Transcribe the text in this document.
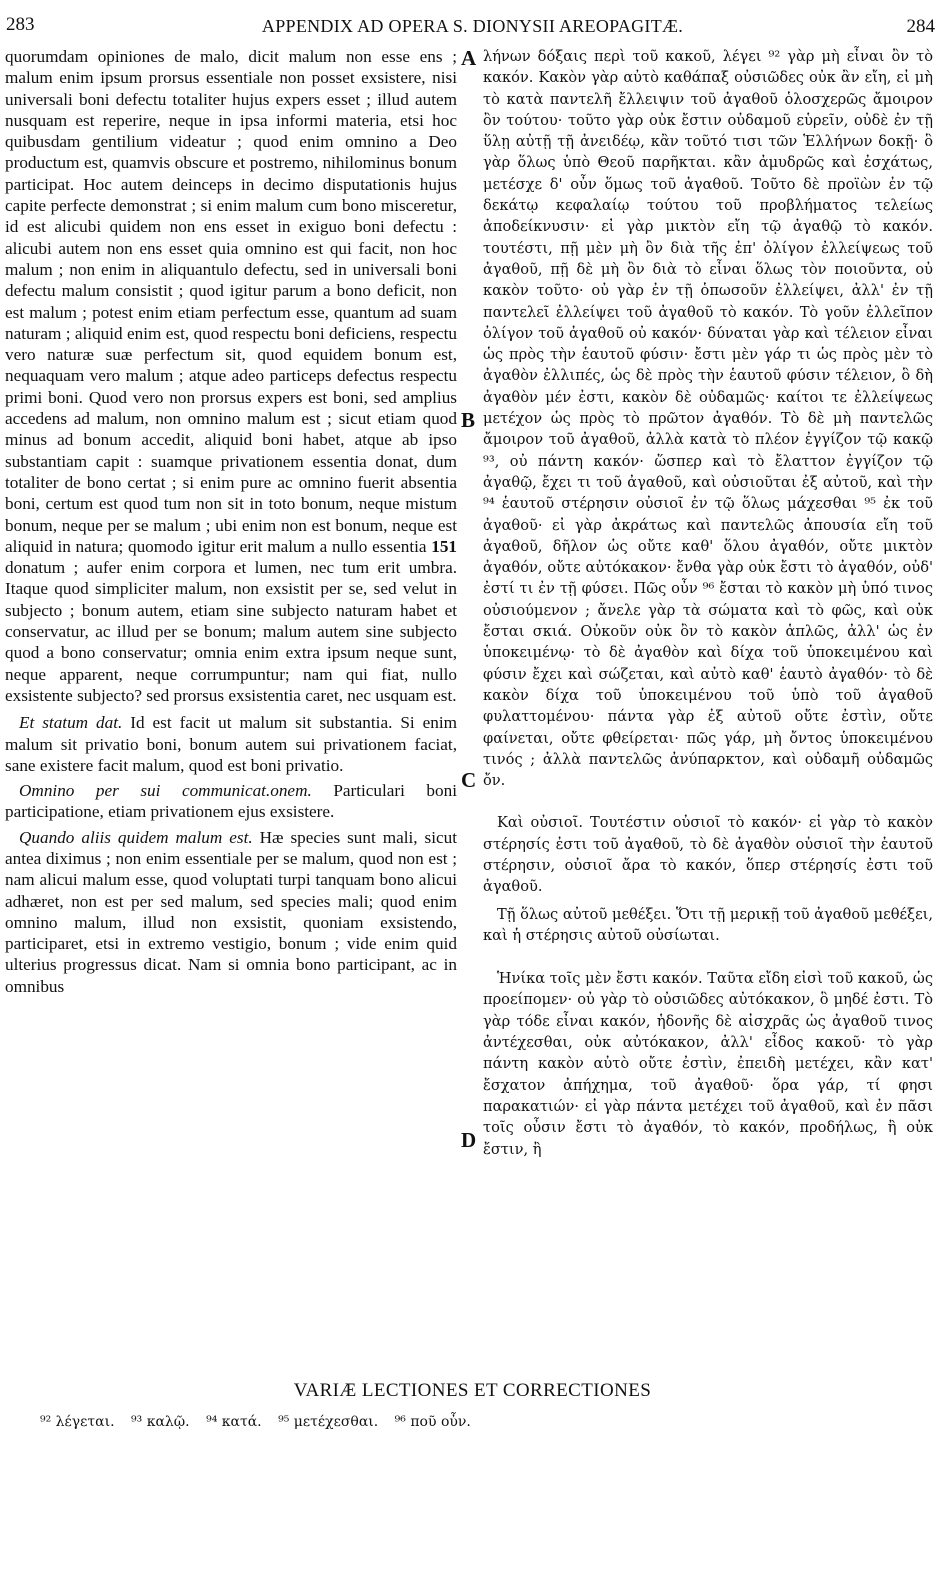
283	APPENDIX AD OPERA S. DIONYSII AREOPAGITÆ.	284

quorumdam opiniones de malo, dicit malum non esse ens ; malum enim ipsum prorsus essentiale non posset exsistere, nisi universali boni defectu totaliter hujus expers esset ; illud autem nusquam est reperire, neque in ipsa informi materia, etsi hoc quibusdam gentilium videatur ; quod enim omnino a Deo productum est, quamvis obscure et postremo, nihilominus bonum participat. Hoc autem deinceps in decimo disputationis hujus capite perfecte demonstrat ; si enim malum cum bono misceretur, id est alicubi quidem non ens esset in exiguo boni defectu : alicubi autem non ens esset quia omnino est qui facit, non hoc malum ; non enim in aliquantulo defectu, sed in universali boni defectu malum consistit ; quod igitur parum a bono deficit, non est malum ; potest enim etiam perfectum esse, quantum ad suam naturam ; aliquid enim est, quod respectu boni deficiens, respectu vero naturæ suæ perfectum sit, quod equidem bonum est, nequaquam vero malum ; atque adeo particeps defectus respectu primi boni. Quod vero non prorsus expers est boni, sed amplius accedens ad malum, non omnino malum est ; sicut etiam quod minus ad bonum accedit, aliquid boni habet, atque ab ipso substantiam capit : suamque privationem essentia donat, dum totaliter de bono certat ; si enim pure ac omnino fuerit absentia boni, certum est quod tum non sit in toto bonum, neque mistum bonum, neque per se malum ; ubi enim non est bonum, neque est aliquid in natura; quomodo igitur erit malum a nullo essentia 151 donatum ; aufer enim corpora et lumen, nec tum erit umbra. Itaque quod simpliciter malum, non exsistit per se, sed velut in subjecto ; bonum autem, etiam sine subjecto naturam habet et conservatur, ac illud per se bonum; malum autem sine subjecto quod a bono conservatur; omnia enim extra ipsum neque sunt, neque apparent, neque corrumpuntur; nam qui fiat, nullo exsistente subjecto? sed prorsus exsistentia caret, nec usquam est.

Et statum dat. Id est facit ut malum sit substantia. Si enim malum sit privatio boni, bonum autem sui privationem faciat, sane existere facit malum, quod est boni privatio.

Omnino per sui communicat.onem. Particulari boni participatione, etiam privationem ejus exsistere.

Quando aliis quidem malum est. Hæ species sunt mali, sicut antea diximus ; non enim essentiale per se malum, quod non est ; nam alicui malum esse, quod voluptati turpi tanquam bono alicui adhæret, non est per sed malum, sed species mali; quod enim omnino malum, illud non exsistit, quoniam exsistendo, participaret, etsi in extremo vestigio, bonum ; vide enim quid ulterius progressus dicat. Nam si omnia bono participant, ac in omnibus

A
B
C
D

λήνων δόξαις περὶ τοῦ κακοῦ, λέγει ⁹² γὰρ μὴ εἶναι ὂν τὸ κακόν. Κακὸν γὰρ αὐτὸ καθάπαξ οὐσιῶδες οὐκ ἂν εἴη, εἰ μὴ τὸ κατὰ παντελῆ ἔλλειψιν τοῦ ἀγαθοῦ ὁλοσχερῶς ἄμοιρον ὂν τούτου· τοῦτο γὰρ οὐκ ἔστιν οὐδαμοῦ εὑρεῖν, οὐδὲ ἐν τῇ ὕλῃ αὐτῇ τῇ ἀνειδέῳ, κἂν τοῦτό τισι τῶν Ἑλλήνων δοκῇ· ὃ γὰρ ὅλως ὑπὸ Θεοῦ παρῆκται. κἂν ἀμυδρῶς καὶ ἐσχάτως, μετέσχε δ' οὖν ὅμως τοῦ ἀγαθοῦ. Τοῦτο δὲ προϊὼν ἐν τῷ δεκάτῳ κεφαλαίῳ τούτου τοῦ προβλήματος τελείως ἀποδείκνυσιν· εἰ γὰρ μικτὸν εἴη τῷ ἀγαθῷ τὸ κακόν. τουτέστι, πῇ μὲν μὴ ὂν διὰ τῆς ἐπ' ὀλίγον ἐλλείψεως τοῦ ἀγαθοῦ, πῇ δὲ μὴ ὂν διὰ τὸ εἶναι ὅλως τὸν ποιοῦντα, οὐ κακὸν τοῦτο· οὐ γὰρ ἐν τῇ ὁπωσοῦν ἐλλείψει, ἀλλ' ἐν τῇ παντελεῖ ἐλλείψει τοῦ ἀγαθοῦ τὸ κακόν. Τὸ γοῦν ἐλλεῖπον ὀλίγον τοῦ ἀγαθοῦ οὐ κακόν· δύναται γὰρ καὶ τέλειον εἶναι ὡς πρὸς τὴν ἑαυτοῦ φύσιν· ἔστι μὲν γάρ τι ὡς πρὸς μὲν τὸ ἀγαθὸν ἐλλιπές, ὡς δὲ πρὸς τὴν ἑαυτοῦ φύσιν τέλειον, ὃ δὴ ἀγαθὸν μέν ἐστι, κακὸν δὲ οὐδαμῶς· καίτοι τε ἐλλείψεως μετέχον ὡς πρὸς τὸ πρῶτον ἀγαθόν. Τὸ δὲ μὴ παντελῶς ἄμοιρον τοῦ ἀγαθοῦ, ἀλλὰ κατὰ τὸ πλέον ἐγγίζον τῷ κακῷ ⁹³, οὐ πάντη κακόν· ὥσπερ καὶ τὸ ἔλαττον ἐγγίζον τῷ ἀγαθῷ, ἔχει τι τοῦ ἀγαθοῦ, καὶ οὐσιοῦται ἐξ αὐτοῦ, καὶ τὴν ⁹⁴ ἑαυτοῦ στέρησιν οὐσιοῖ ἐν τῷ ὅλως μάχεσθαι ⁹⁵ ἐκ τοῦ ἀγαθοῦ· εἰ γὰρ ἀκράτως καὶ παντελῶς ἀπουσία εἴη τοῦ ἀγαθοῦ, δῆλον ὡς οὔτε καθ' ὅλου ἀγαθόν, οὔτε μικτὸν ἀγαθόν, οὔτε αὐτόκακον· ἔνθα γὰρ οὐκ ἔστι τὸ ἀγαθόν, οὐδ' ἐστί τι ἐν τῇ φύσει. Πῶς οὖν ⁹⁶ ἔσται τὸ κακὸν μὴ ὑπό τινος οὐσιούμενον ; ἄνελε γὰρ τὰ σώματα καὶ τὸ φῶς, καὶ οὐκ ἔσται σκιά. Οὐκοῦν οὐκ ὂν τὸ κακὸν ἁπλῶς, ἀλλ' ὡς ἐν ὑποκειμένῳ· τὸ δὲ ἀγαθὸν καὶ δίχα τοῦ ὑποκειμένου καὶ φύσιν ἔχει καὶ σώζεται, καὶ αὐτὸ καθ' ἑαυτὸ ἀγαθόν· τὸ δὲ κακὸν δίχα τοῦ ὑποκειμένου τοῦ ὑπὸ τοῦ ἀγαθοῦ φυλαττομένου· πάντα γὰρ ἐξ αὐτοῦ οὔτε ἐστὶν, οὔτε φαίνεται, οὔτε φθείρεται· πῶς γάρ, μὴ ὄντος ὑποκειμένου τινός ; ἀλλὰ παντελῶς ἀνύπαρκτον, καὶ οὐδαμῆ οὐδαμῶς ὄν.

Καὶ οὐσιοῖ. Τουτέστιν οὐσιοῖ τὸ κακόν· εἰ γὰρ τὸ κακὸν στέρησίς ἐστι τοῦ ἀγαθοῦ, τὸ δὲ ἀγαθὸν οὐσιοῖ τὴν ἑαυτοῦ στέρησιν, οὐσιοῖ ἄρα τὸ κακόν, ὅπερ στέρησίς ἐστι τοῦ ἀγαθοῦ.

Τῇ ὅλως αὐτοῦ μεθέξει. Ὅτι τῇ μερικῇ τοῦ ἀγαθοῦ μεθέξει, καὶ ἡ στέρησις αὐτοῦ οὐσίωται.

Ἡνίκα τοῖς μὲν ἔστι κακόν. Ταῦτα εἴδη εἰσὶ τοῦ κακοῦ, ὡς προείπομεν· οὐ γὰρ τὸ οὐσιῶδες αὐτόκακον, ὃ μηδέ ἐστι. Τὸ γὰρ τόδε εἶναι κακόν, ἡδονῆς δὲ αἰσχρᾶς ὡς ἀγαθοῦ τινος ἀντέχεσθαι, οὐκ αὐτόκακον, ἀλλ' εἶδος κακοῦ· τὸ γὰρ πάντη κακὸν αὐτὸ οὔτε ἐστὶν, ἐπειδὴ μετέχει, κἂν κατ' ἔσχατον ἀπήχημα, τοῦ ἀγαθοῦ· ὅρα γάρ, τί φησι παρακατιών· εἰ γὰρ πάντα μετέχει τοῦ ἀγαθοῦ, καὶ ἐν πᾶσι τοῖς οὖσιν ἔστι τὸ ἀγαθόν, τὸ κακόν, προδήλως, ἢ οὐκ ἔστιν, ἢ

VARIÆ LECTIONES ET CORRECTIONES
⁹² λέγεται. ⁹³ καλῷ. ⁹⁴ κατά. ⁹⁵ μετέχεσθαι. ⁹⁶ ποῦ οὖν.
